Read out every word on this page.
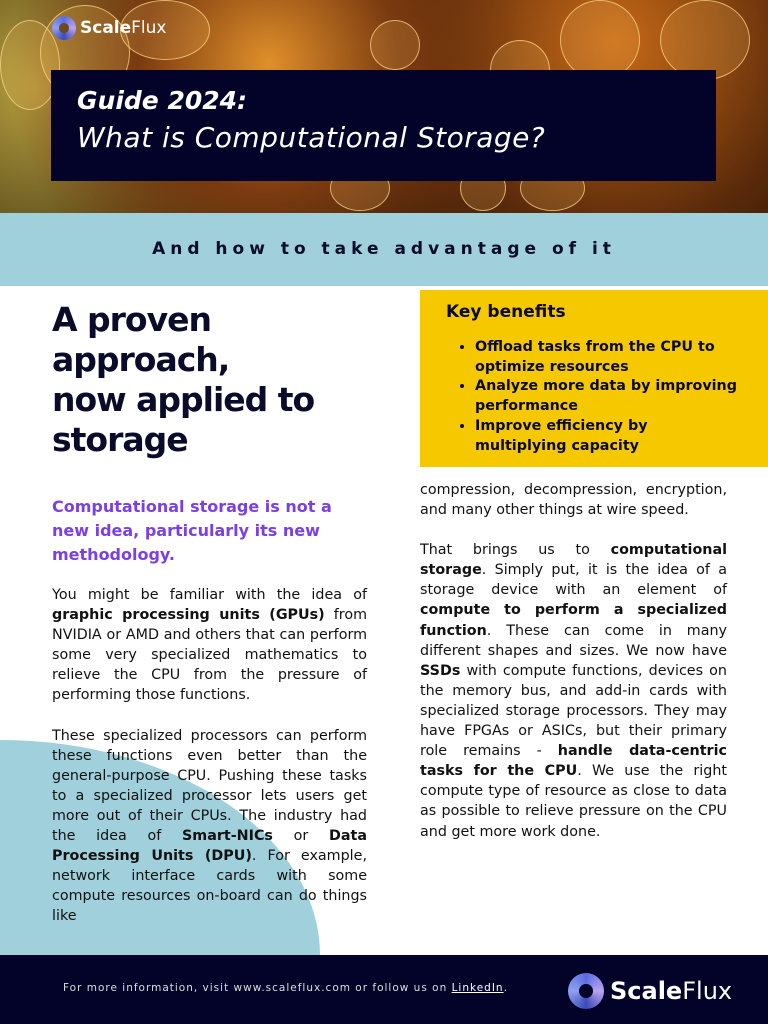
ScaleFlux
Guide 2024:
What is Computational Storage?
And how to take advantage of it
A proven
approach,
now applied to
storage
Computational storage is not a new idea, particularly its new methodology.

You might be familiar with the idea of graphic processing units (GPUs) from NVIDIA or AMD and others that can perform some very specialized mathematics to relieve the CPU from the pressure of performing those functions.

These specialized processors can perform these functions even better than the general-purpose CPU. Pushing these tasks to a specialized processor lets users get more out of their CPUs. The industry had the idea of Smart-NICs or Data Processing Units (DPU). For example, network interface cards with some compute resources on-board can do things like

Key benefits
• Offload tasks from the CPU to optimize resources
• Analyze more data by improving performance
• Improve efficiency by multiplying capacity

compression, decompression, encryption, and many other things at wire speed.

That brings us to computational storage. Simply put, it is the idea of a storage device with an element of compute to perform a specialized function. These can come in many different shapes and sizes. We now have SSDs with compute functions, devices on the memory bus, and add-in cards with specialized storage processors. They may have FPGAs or ASICs, but their primary role remains - handle data-centric tasks for the CPU. We use the right compute type of resource as close to data as possible to relieve pressure on the CPU and get more work done.

For more information, visit www.scaleflux.com or follow us on LinkedIn.	ScaleFlux
